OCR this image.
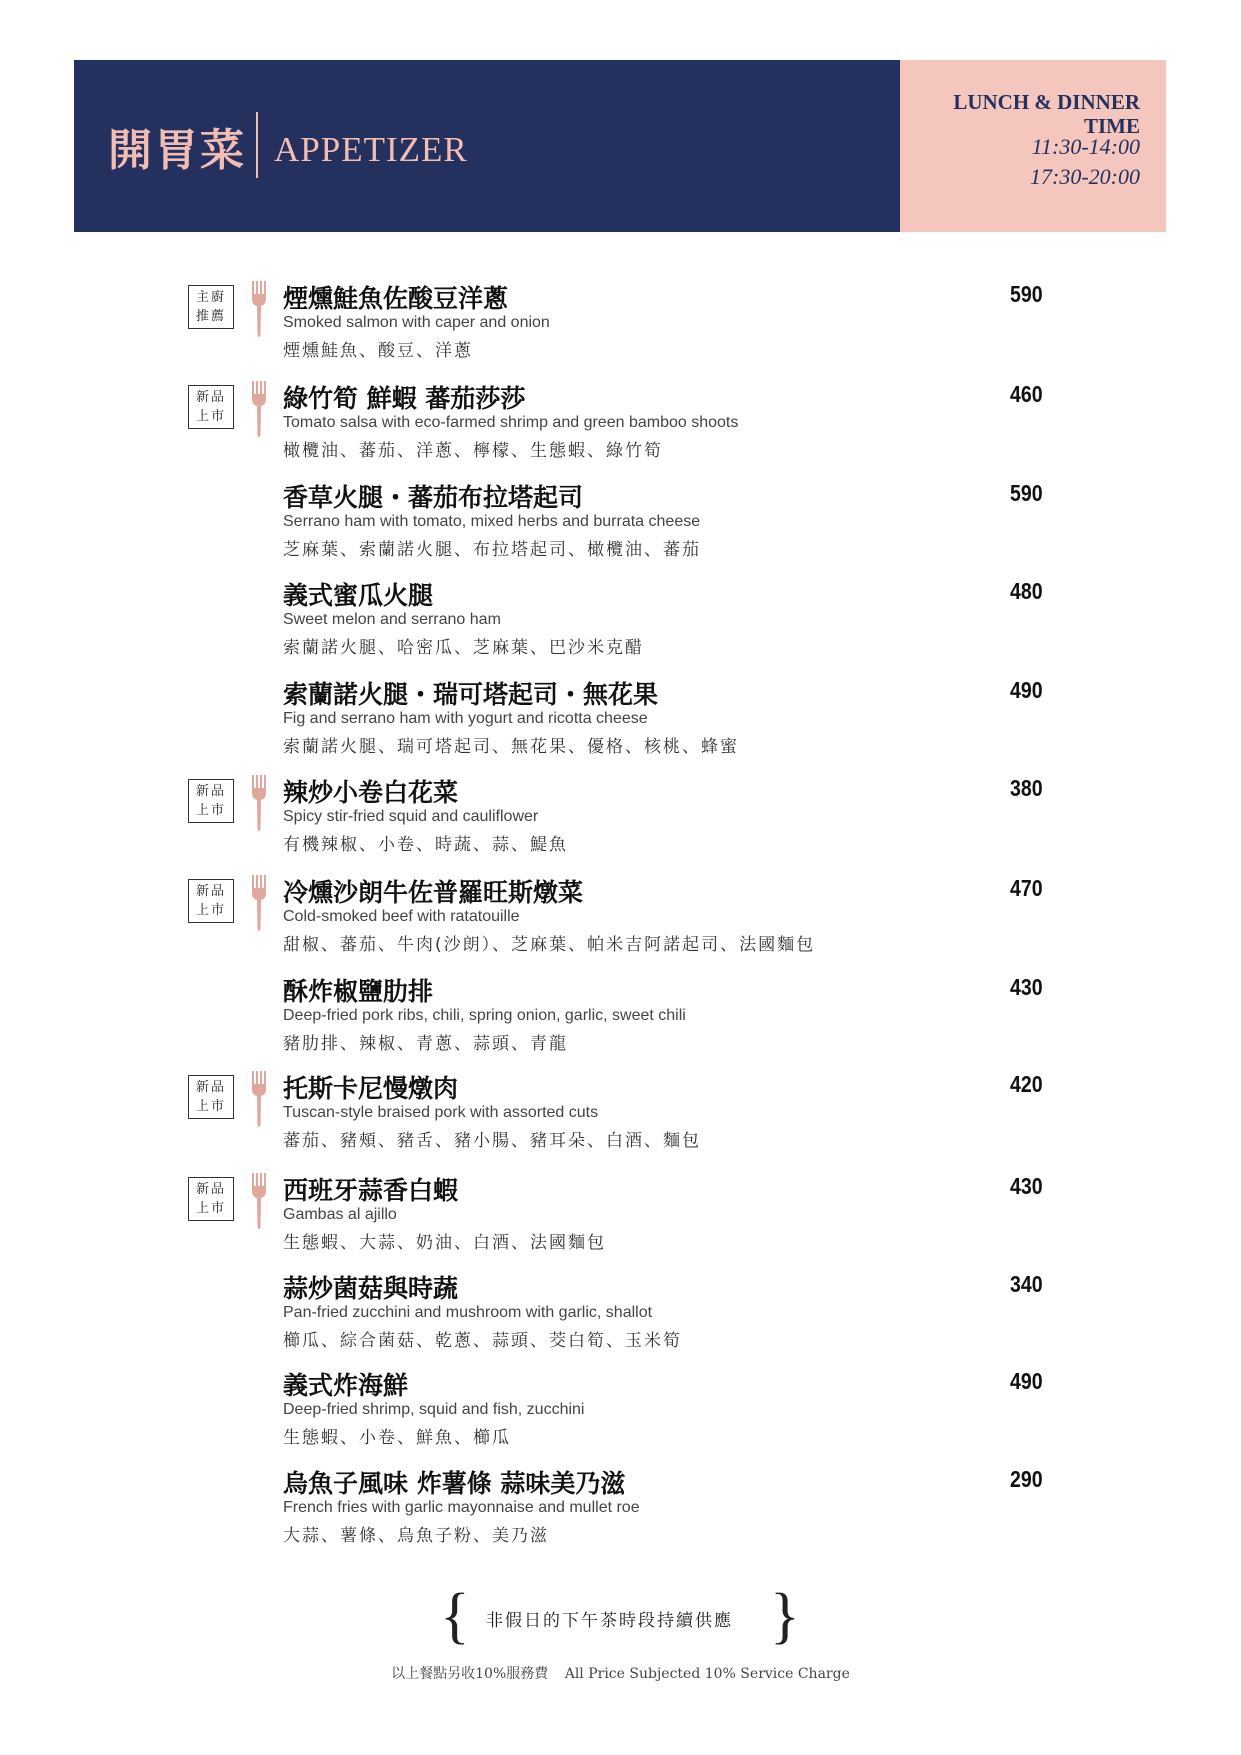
開胃菜 APPETIZER
LUNCH & DINNER
TIME
11:30-14:00
17:30-20:00
主廚
推薦
煙燻鮭魚佐酸豆洋蔥
Smoked salmon with caper and onion
煙燻鮭魚、酸豆、洋蔥
590
新品
上市
綠竹筍 鮮蝦 蕃茄莎莎
Tomato salsa with eco-farmed shrimp and green bamboo shoots
橄欖油、蕃茄、洋蔥、檸檬、生態蝦、綠竹筍
460
香草火腿・蕃茄布拉塔起司
Serrano ham with tomato, mixed herbs and burrata cheese
芝麻葉、索蘭諾火腿、布拉塔起司、橄欖油、蕃茄
590
義式蜜瓜火腿
Sweet melon and serrano ham
索蘭諾火腿、哈密瓜、芝麻葉、巴沙米克醋
480
索蘭諾火腿・瑞可塔起司・無花果
Fig and serrano ham with yogurt and ricotta cheese
索蘭諾火腿、瑞可塔起司、無花果、優格、核桃、蜂蜜
490
新品
上市
辣炒小卷白花菜
Spicy stir-fried squid and cauliflower
有機辣椒、小卷、時蔬、蒜、鯷魚
380
新品
上市
冷燻沙朗牛佐普羅旺斯燉菜
Cold-smoked beef with ratatouille
甜椒、蕃茄、牛肉(沙朗）、芝麻葉、帕米吉阿諾起司、法國麵包
470
酥炸椒鹽肋排
Deep-fried pork ribs, chili, spring onion, garlic, sweet chili
豬肋排、辣椒、青蔥、蒜頭、青龍
430
新品
上市
托斯卡尼慢燉肉
Tuscan-style braised pork with assorted cuts
蕃茄、豬頰、豬舌、豬小腸、豬耳朵、白酒、麵包
420
新品
上市
西班牙蒜香白蝦
Gambas al ajillo
生態蝦、大蒜、奶油、白酒、法國麵包
430
蒜炒菌菇與時蔬
Pan-fried zucchini and mushroom with garlic, shallot
櫛瓜、綜合菌菇、乾蔥、蒜頭、茭白筍、玉米筍
340
義式炸海鮮
Deep-fried shrimp, squid and fish, zucchini
生態蝦、小卷、鮮魚、櫛瓜
490
烏魚子風味 炸薯條 蒜味美乃滋
French fries with garlic mayonnaise and mullet roe
大蒜、薯條、烏魚子粉、美乃滋
290
{ 非假日的下午茶時段持續供應 }
以上餐點另收10%服務費 All Price Subjected 10% Service Charge
